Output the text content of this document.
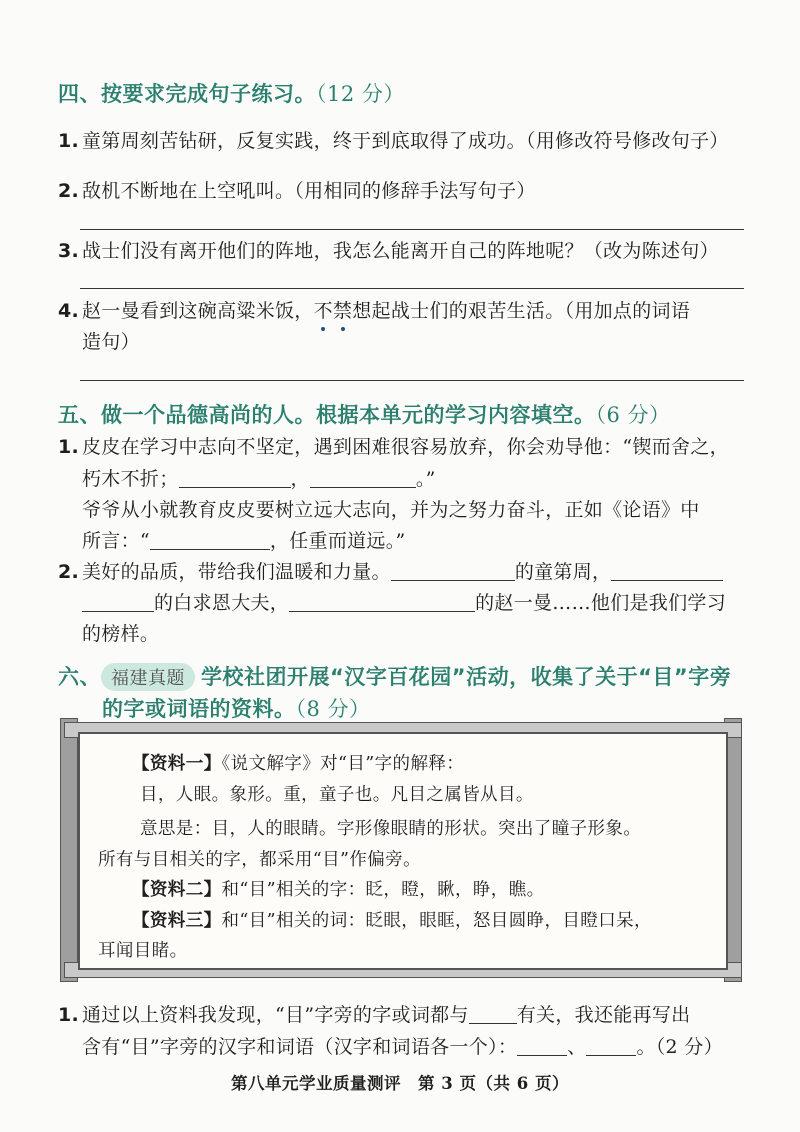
四、按要求完成句子练习。（12 分）
1. 童第周刻苦钻研，反复实践，终于到底取得了成功。（用修改符号修改句子）
2. 敌机不断地在上空吼叫。（用相同的修辞手法写句子）
3. 战士们没有离开他们的阵地，我怎么能离开自己的阵地呢？（改为陈述句）
4. 赵一曼看到这碗高粱米饭，不禁想起战士们的艰苦生活。（用加点的词语
造句）
五、做一个品德高尚的人。根据本单元的学习内容填空。（6 分）
1. 皮皮在学习中志向不坚定，遇到困难很容易放弃，你会劝导他：“锲而舍之，
朽木不折；	，	。”
爷爷从小就教育皮皮要树立远大志向，并为之努力奋斗，正如《论语》中
所言：“	，任重而道远。”
2. 美好的品质，带给我们温暖和力量。	的童第周，
的白求恩大夫，	的赵一曼……他们是我们学习
的榜样。
六、 福建真题 学校社团开展“汉字百花园”活动，收集了关于“目”字旁
的字或词语的资料。（8 分）
【资料一】《说文解字》对“目”字的解释：
目，人眼。象形。重，童子也。凡目之属皆从目。
意思是：目，人的眼睛。字形像眼睛的形状。突出了瞳子形象。
所有与目相关的字，都采用“目”作偏旁。
【资料二】和“目”相关的字：眨，瞪，瞅，睁，瞧。
【资料三】和“目”相关的词：眨眼，眼眶，怒目圆睁，目瞪口呆，
耳闻目睹。
1. 通过以上资料我发现，“目”字旁的字或词都与	有关，我还能再写出
含有“目”字旁的汉字和词语（汉字和词语各一个）：	、	。（2 分）
第八单元学业质量测评　第 3 页（共 6 页）
